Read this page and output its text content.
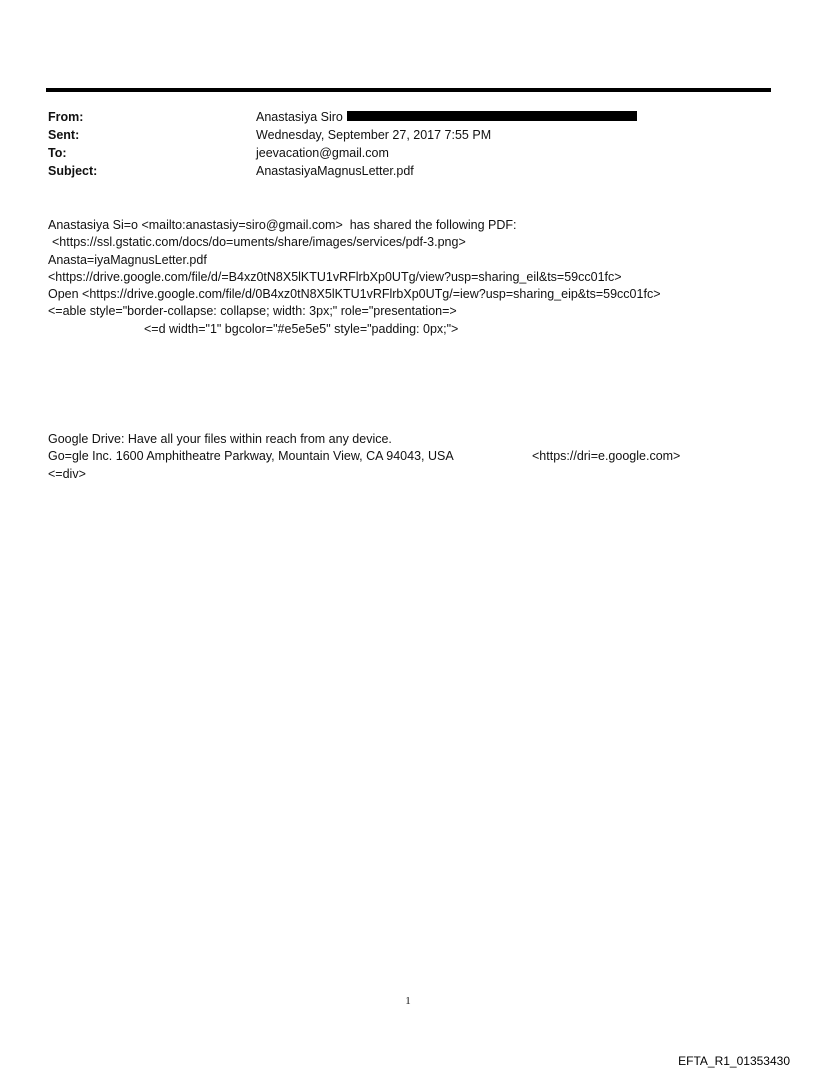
From:	Anastasiya Siro
Sent:	Wednesday, September 27, 2017 7:55 PM
To:	jeevacation@gmail.com
Subject:	AnastasiyaMagnusLetter.pdf
Anastasiya Si=o <mailto:anastasiy=siro@gmail.com>  has shared the following PDF:
<https://ssl.gstatic.com/docs/do=uments/share/images/services/pdf-3.png>
Anasta=iyaMagnusLetter.pdf
<https://drive.google.com/file/d/=B4xz0tN8X5lKTU1vRFlrbXp0UTg/view?usp=sharing_eil&ts=59cc01fc>
Open <https://drive.google.com/file/d/0B4xz0tN8X5lKTU1vRFlrbXp0UTg/=iew?usp=sharing_eip&ts=59cc01fc>
<=able style="border-collapse: collapse; width: 3px;" role="presentation=>
<=d width="1" bgcolor="#e5e5e5" style="padding: 0px;">
Google Drive: Have all your files within reach from any device.
Go=gle Inc. 1600 Amphitheatre Parkway, Mountain View, CA 94043, USA	<https://dri=e.google.com>
<=div>
1
EFTA_R1_01353430
